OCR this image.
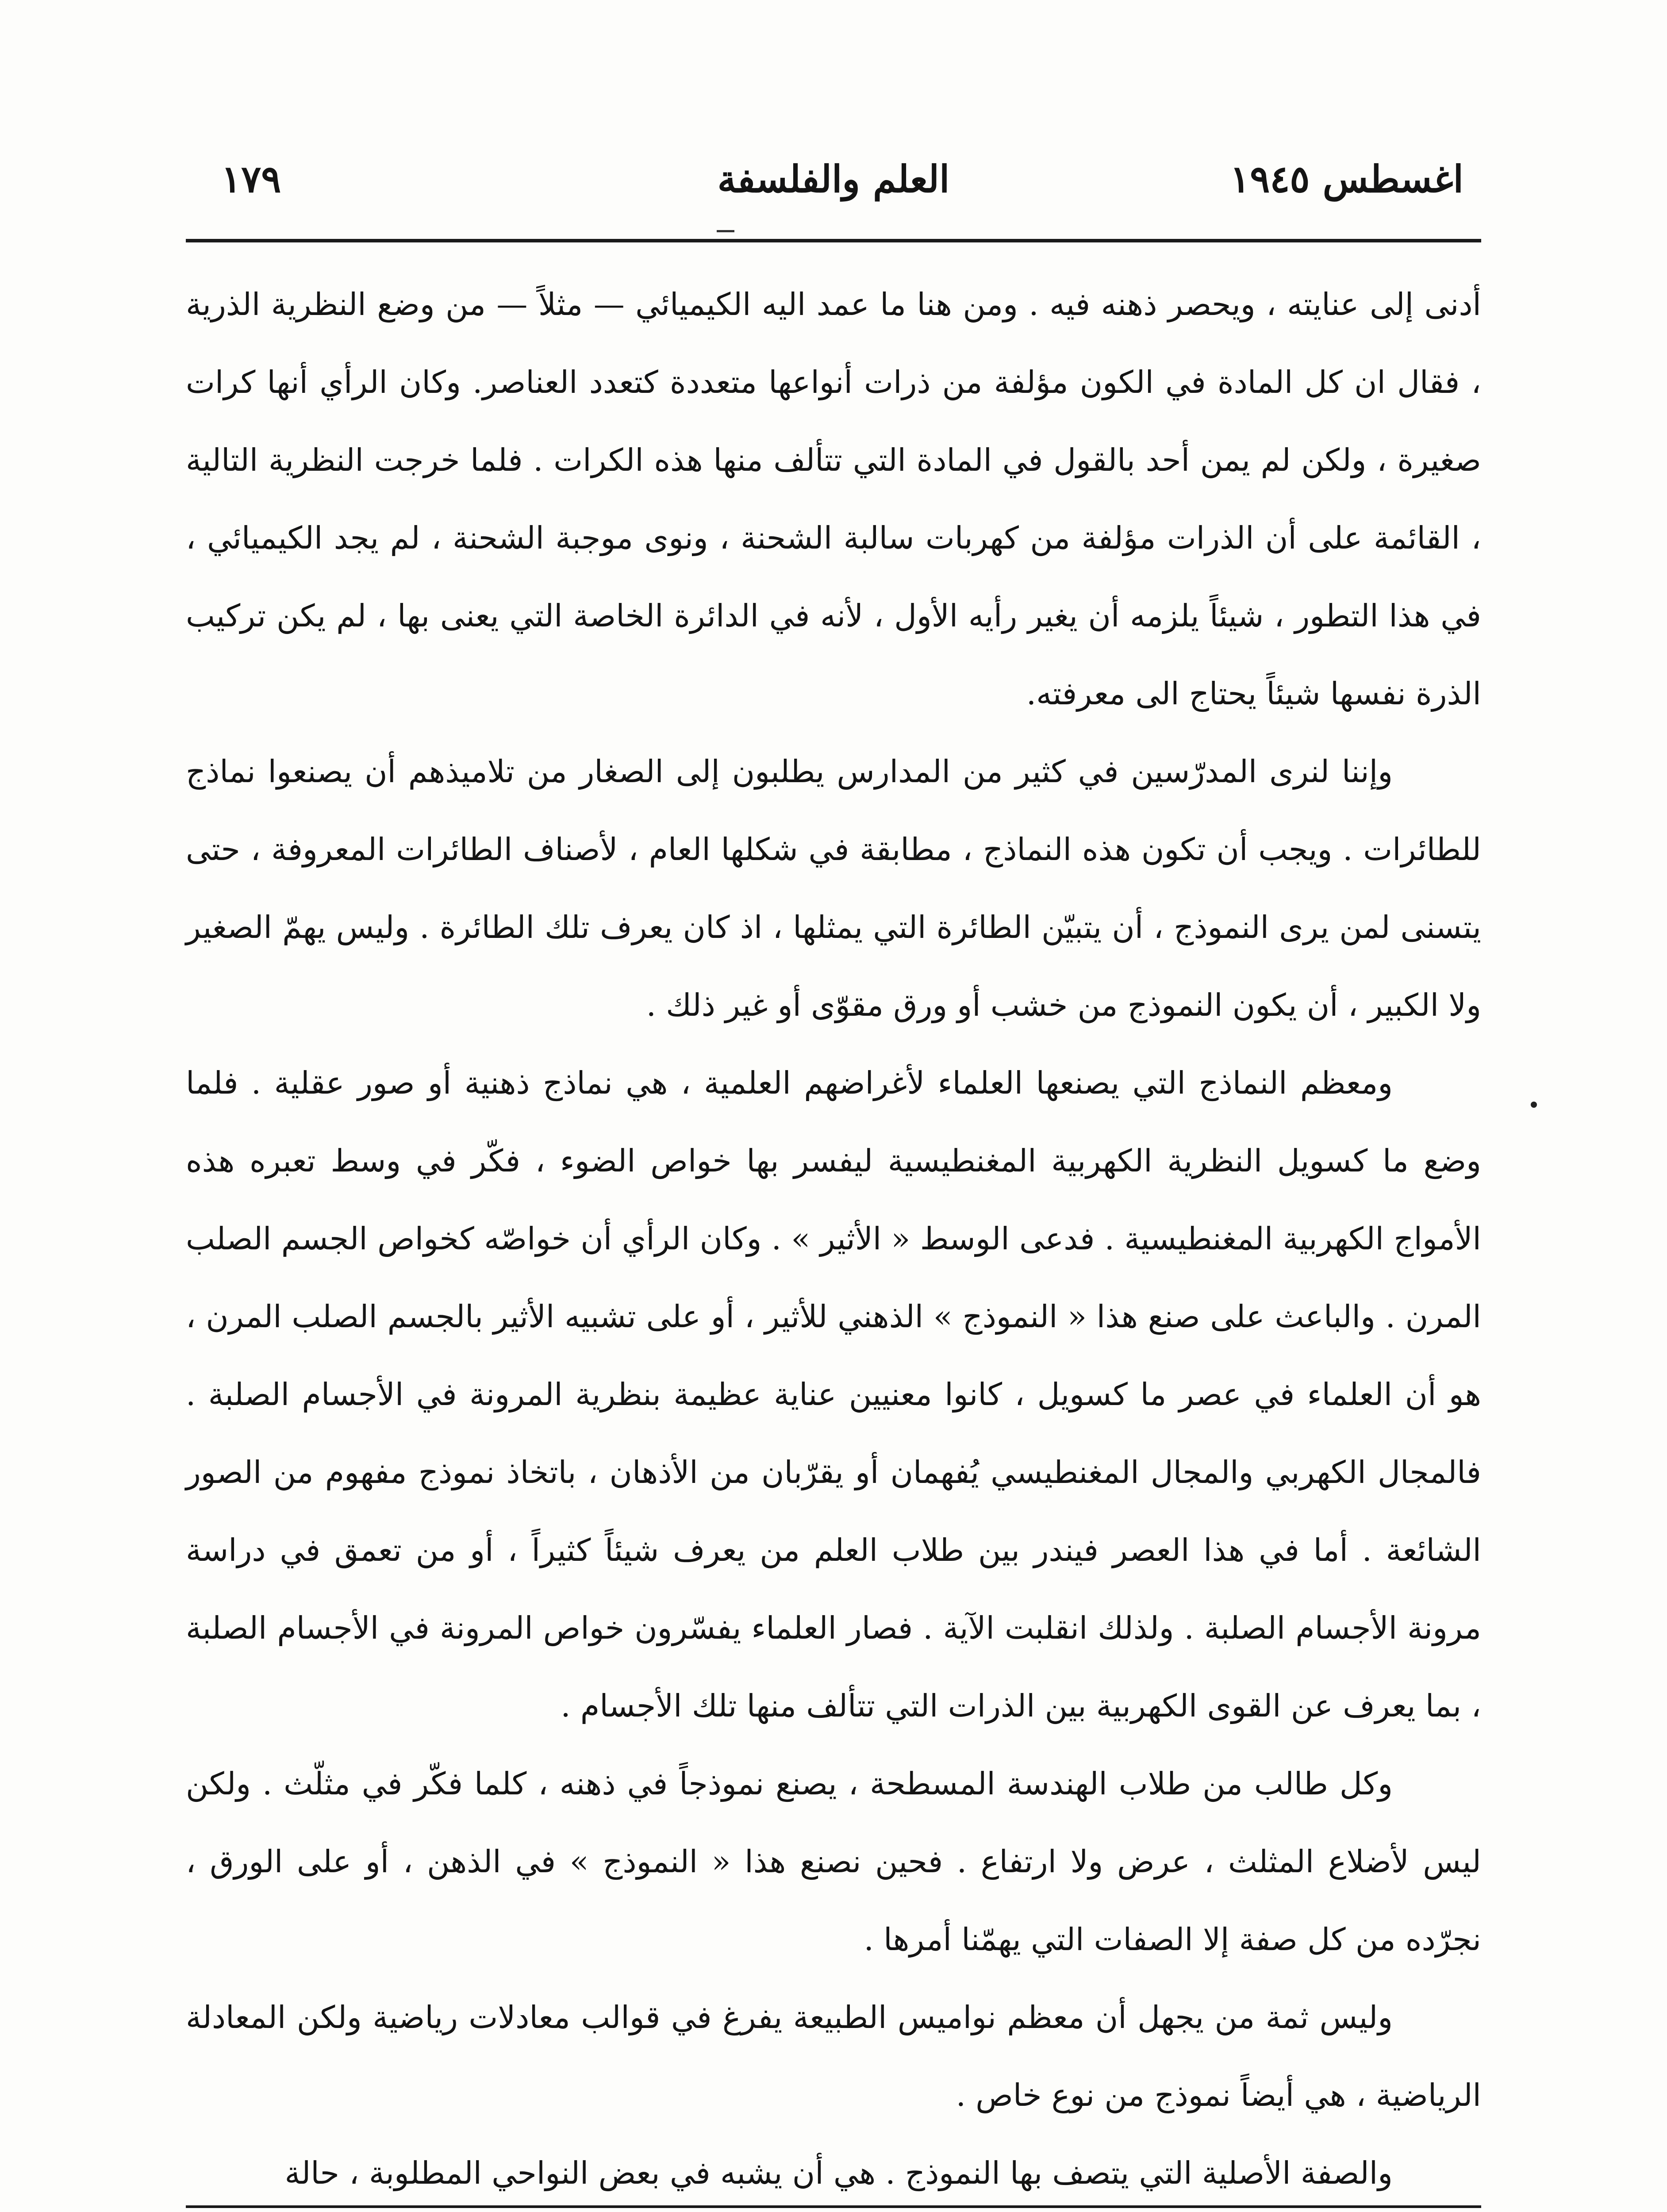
اغسطس ١٩٤٥
العلم والفلسفة
١٧٩

أدنى إلى عنايته ، ويحصر ذهنه فيه . ومن هنا ما عمد اليه الكيميائي — مثلاً — من وضع النظرية الذرية ، فقال ان كل المادة في الكون مؤلفة من ذرات أنواعها متعددة كتعدد العناصر. وكان الرأي أنها كرات صغيرة ، ولكن لم يمن أحد بالقول في المادة التي تتألف منها هذه الكرات . فلما خرجت النظرية التالية ، القائمة على أن الذرات مؤلفة من كهربات سالبة الشحنة ، ونوى موجبة الشحنة ، لم يجد الكيميائي ، في هذا التطور ، شيئاً يلزمه أن يغير رأيه الأول ، لأنه في الدائرة الخاصة التي يعنى بها ، لم يكن تركيب الذرة نفسها شيئاً يحتاج الى معرفته.

وإننا لنرى المدرّسين في كثير من المدارس يطلبون إلى الصغار من تلاميذهم أن يصنعوا نماذج للطائرات . ويجب أن تكون هذه النماذج ، مطابقة في شكلها العام ، لأصناف الطائرات المعروفة ، حتى يتسنى لمن يرى النموذج ، أن يتبيّن الطائرة التي يمثلها ، اذ كان يعرف تلك الطائرة . وليس يهمّ الصغير ولا الكبير ، أن يكون النموذج من خشب أو ورق مقوّى أو غير ذلك .

ومعظم النماذج التي يصنعها العلماء لأغراضهم العلمية ، هي نماذج ذهنية أو صور عقلية . فلما وضع ما كسويل النظرية الكهربية المغنطيسية ليفسر بها خواص الضوء ، فكّر في وسط تعبره هذه الأمواج الكهربية المغنطيسية . فدعى الوسط « الأثير » . وكان الرأي أن خواصّه كخواص الجسم الصلب المرن . والباعث على صنع هذا « النموذج » الذهني للأثير ، أو على تشبيه الأثير بالجسم الصلب المرن ، هو أن العلماء في عصر ما كسويل ، كانوا معنيين عناية عظيمة بنظرية المرونة في الأجسام الصلبة . فالمجال الكهربي والمجال المغنطيسي يُفهمان أو يقرّبان من الأذهان ، باتخاذ نموذج مفهوم من الصور الشائعة . أما في هذا العصر فيندر بين طلاب العلم من يعرف شيئاً كثيراً ، أو من تعمق في دراسة مرونة الأجسام الصلبة . ولذلك انقلبت الآية . فصار العلماء يفسّرون خواص المرونة في الأجسام الصلبة ، بما يعرف عن القوى الكهربية بين الذرات التي تتألف منها تلك الأجسام .

وكل طالب من طلاب الهندسة المسطحة ، يصنع نموذجاً في ذهنه ، كلما فكّر في مثلّث . ولكن ليس لأضلاع المثلث ، عرض ولا ارتفاع . فحين نصنع هذا « النموذج » في الذهن ، أو على الورق ، نجرّده من كل صفة إلا الصفات التي يهمّنا أمرها .

وليس ثمة من يجهل أن معظم نواميس الطبيعة يفرغ في قوالب معادلات رياضية ولكن المعادلة الرياضية ، هي أيضاً نموذج من نوع خاص .

والصفة الأصلية التي يتصف بها النموذج . هي أن يشبه في بعض النواحي المطلوبة ، حالة
